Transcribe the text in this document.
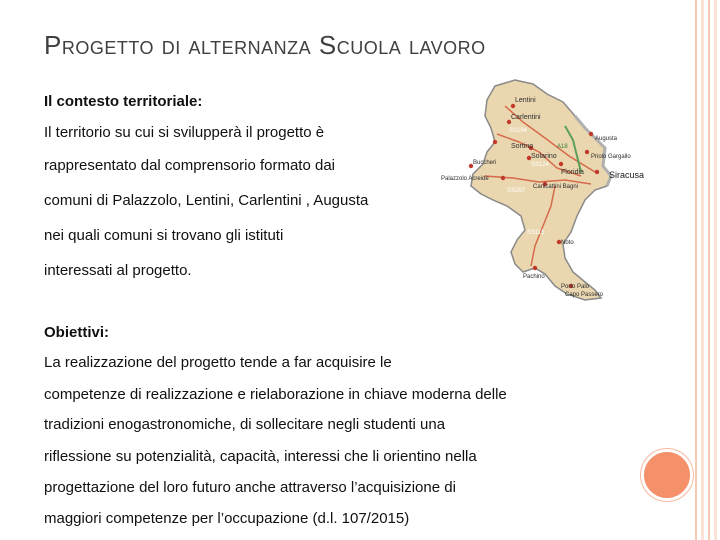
Progetto di alternanza Scuola lavoro
Il contesto territoriale:
Il territorio su cui si svilupperà il progetto è
rappresentato dal comprensorio formato dai
comuni di Palazzolo, Lentini, Carlentini , Augusta
nei quali comuni si trovano gli istituti
interessati al progetto.
Obiettivi:
La realizzazione del progetto tende a far acquisire le
competenze di realizzazione e rielaborazione in chiave moderna delle
tradizioni enogastronomiche, di sollecitare negli studenti una
riflessione su potenzialità, capacità, interessi che li orientino nella
progettazione del loro futuro anche attraverso l’acquisizione di
maggiori competenze per l’occupazione (d.l. 107/2015)
Lentini
Carlentini
SS194
Augusta
Sortino	A18
Priolo Gargallo
Buccheri
Solarino
Floridia	Siracusa
Palazzolo Acreide
SS124
SS287
Canicattini Bagni
SS115
Noto
Pachino
Porto Palo
Capo Passero
